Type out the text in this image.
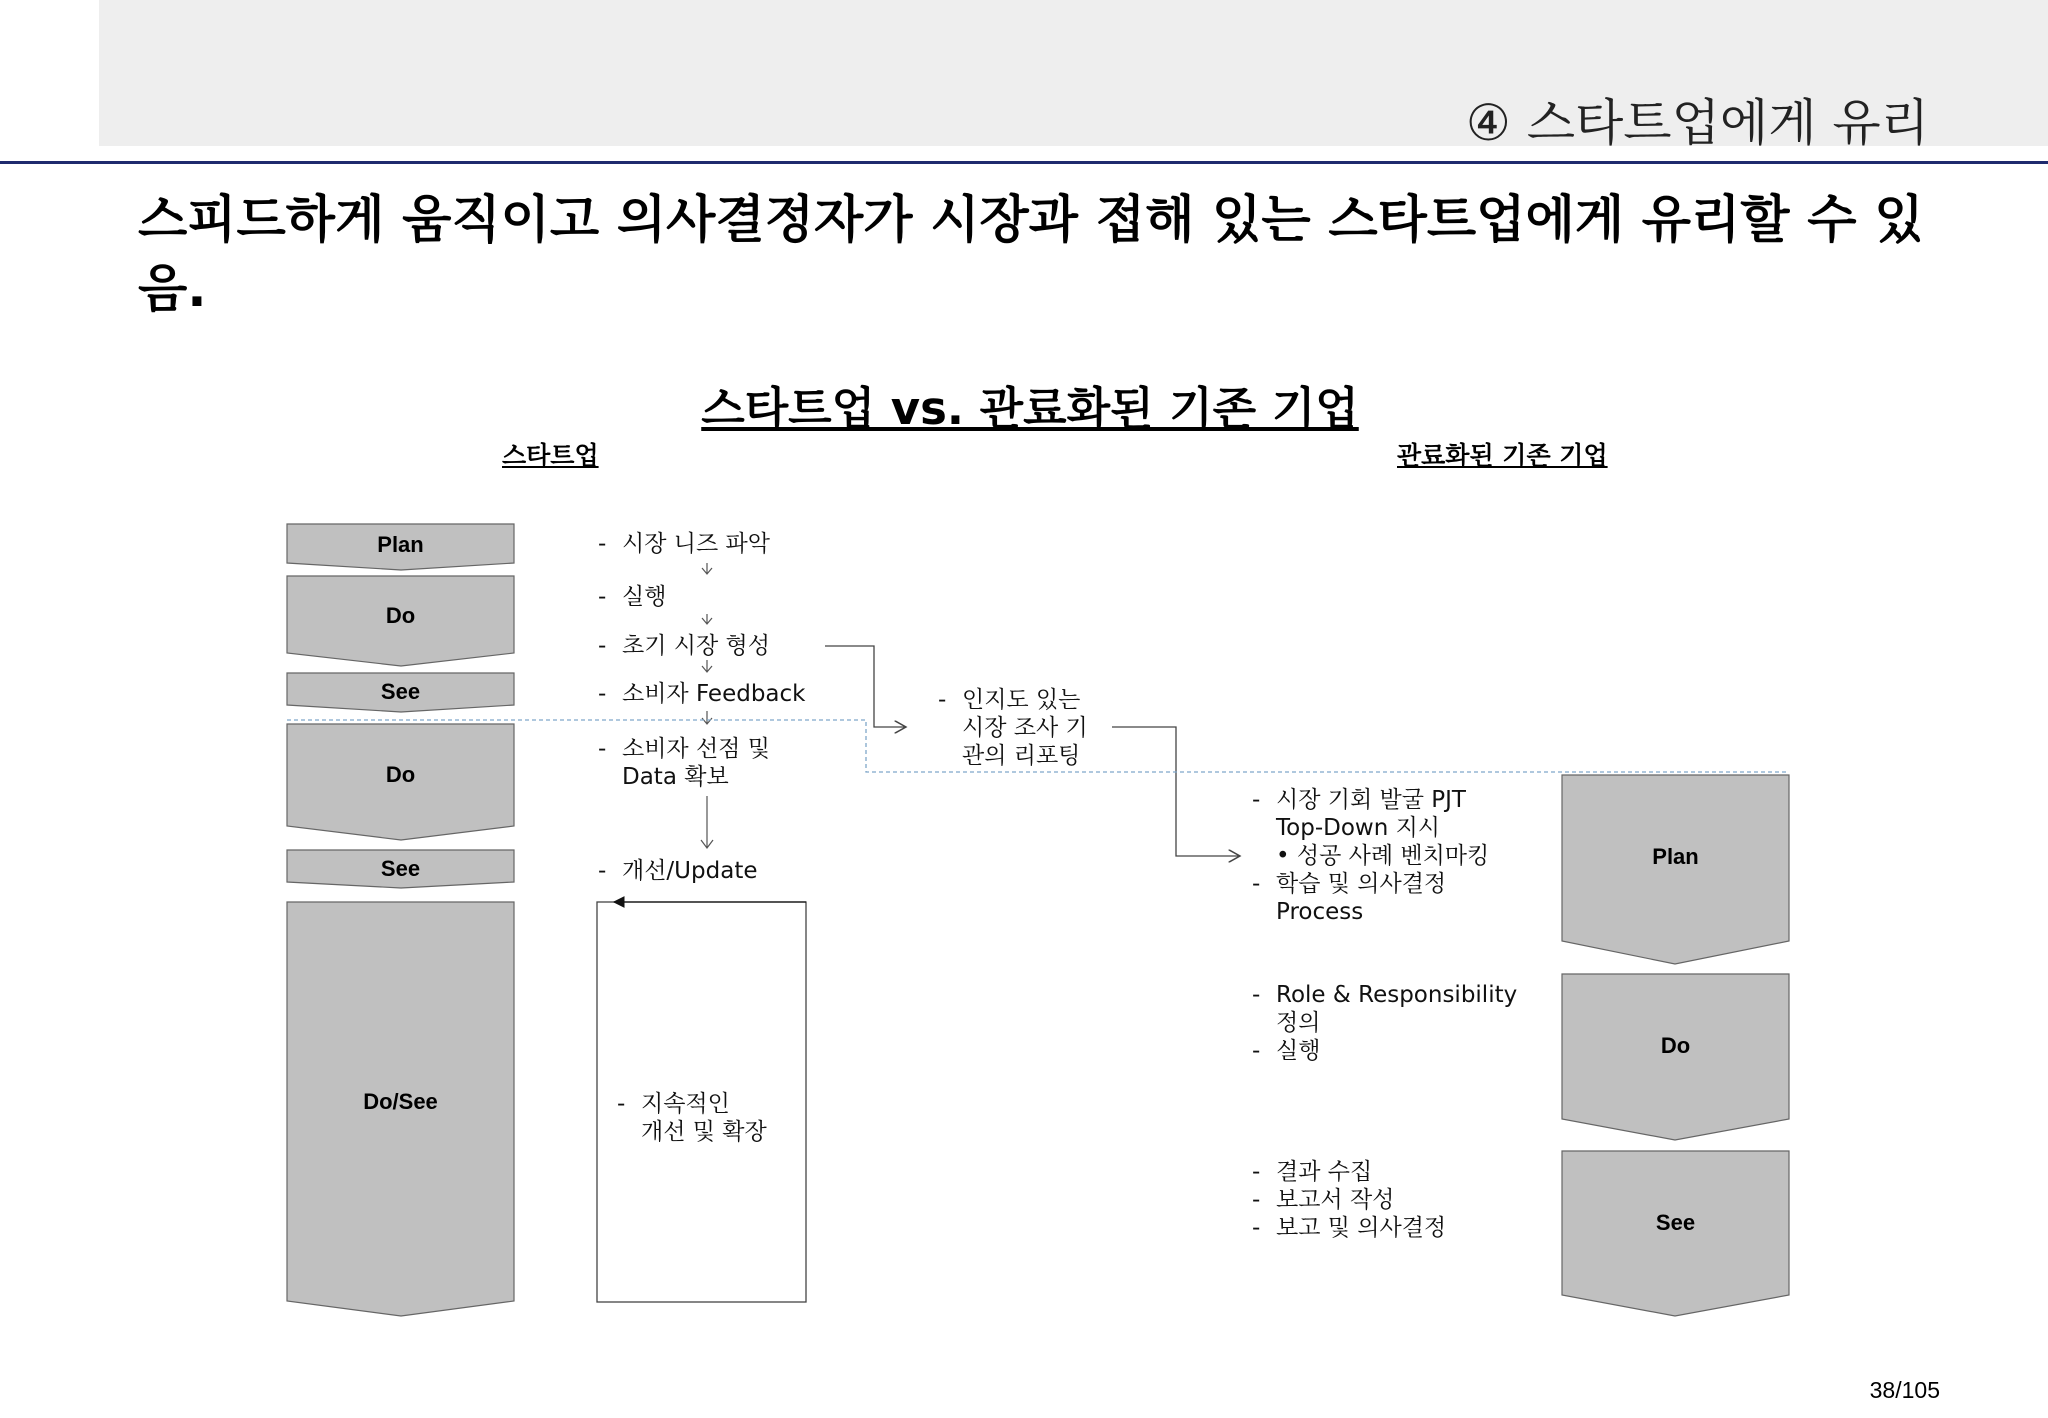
④ 스타트업에게 유리
스피드하게 움직이고 의사결정자가 시장과 접해 있는 스타트업에게 유리할 수 있음.
스타트업 vs. 관료화된 기존 기업
스타트업	관료화된 기존 기업
Plan
Do
See
Do
See
Do/See
Plan
Do
See
- 시장 니즈 파악
- 실행
- 초기 시장 형성
- 소비자 Feedback
- 소비자 선점 및
Data 확보
- 개선/Update
- 지속적인
개선 및 확장
- 인지도 있는
시장 조사 기
관의 리포팅
- 시장 기회 발굴 PJT
Top-Down 지시
• 성공 사례 벤치마킹
- 학습 및 의사결정
Process
- Role & Responsibility
정의
- 실행
- 결과 수집
- 보고서 작성
- 보고 및 의사결정
38/105
